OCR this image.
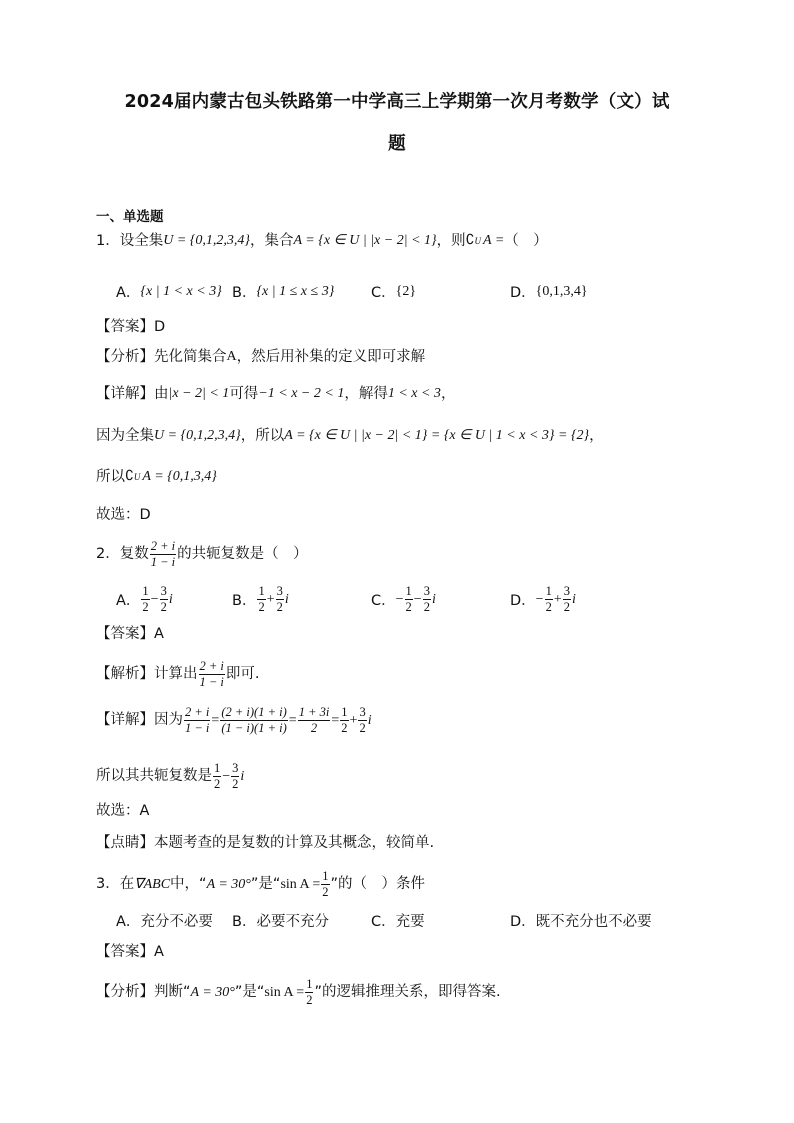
2024届内蒙古包头铁路第一中学高三上学期第一次月考数学（文）试
题
一、单选题
1． 设全集 U = {0,1,2,3,4} ，集合 A = {x ∈ U | |x − 2| < 1} ，则 ∁ U A = （　）
A． {x | 1 < x < 3} B． {x | 1 ≤ x ≤ 3}	C． {2}	D． {0,1,3,4}
【答案】 D
【分析】 先化简集合 A ，然后用补集的定义即可求解
【详解】 由 |x − 2| < 1 可得 −1 < x − 2 < 1 ，解得 1 < x < 3 ，
因为全集 U = {0,1,2,3,4} ，所以 A = {x ∈ U | |x − 2| < 1} = {x ∈ U | 1 < x < 3} = {2} ，
所以 ∁ U A = {0,1,3,4}
故选：D
2． 复数 $\frac{2 + i}{1 - i}$ 的共轭复数是（　）
A． $\frac{1}{2} - \frac{3}{2}$ i	B． $\frac{1}{2} + \frac{3}{2}$ i	C． − $\frac{1}{2} - \frac{3}{2}$ i	D． − $\frac{1}{2} + \frac{3}{2}$ i
【答案】 A
【解析】 计算出 $\frac{2 + i}{1 - i}$ 即可.
【详解】 因为 $\frac{2 + i}{1 - i} = \frac{(2 + i)(1 + i)}{(1 - i)(1 + i)} = \frac{1 + 3i}{2} = \frac{1}{2} + \frac{3}{2}$ i
所以其共轭复数是 $\frac{1}{2} - \frac{3}{2}$ i
故选：A
【点睛】 本题考查的是复数的计算及其概念，较简单.
3． 在 ∇ABC 中，“ A = 30° ”是“ $\sin A = \frac{1}{2}$ ”的（　）条件
A． 充分不必要 B． 必要不充分	C． 充要	D． 既不充分也不必要
【答案】 A
【分析】 判断“ A = 30° ”是“ $\sin A = \frac{1}{2}$ ”的逻辑推理关系，即得答案.
